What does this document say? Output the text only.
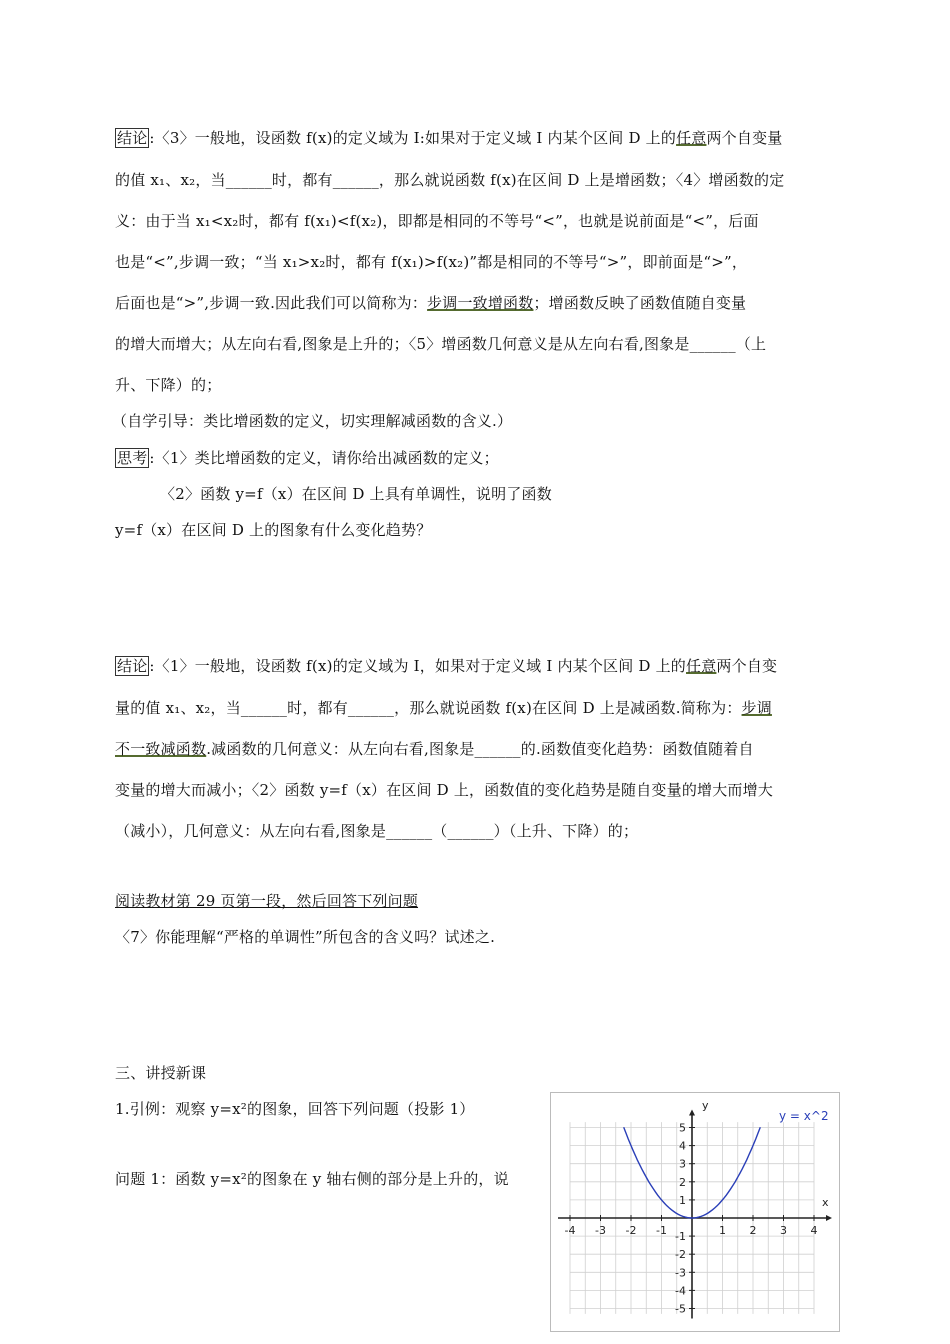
结论 :〈3〉一般地，设函数 f(x)的定义域为 I:如果对于定义域 I 内某个区间 D 上的任意两个自变量
的值 x₁、x₂，当______时，都有______，那么就说函数 f(x)在区间 D 上是增函数；〈4〉增函数的定
义：由于当 x₁<x₂时，都有 f(x₁)<f(x₂)，即都是相同的不等号“<”，也就是说前面是“<”，后面
也是“<”,步调一致；“当 x₁>x₂时，都有 f(x₁)>f(x₂)”都是相同的不等号“>”，即前面是“>”，
后面也是“>”,步调一致.因此我们可以简称为：步调一致增函数；增函数反映了函数值随自变量
的增大而增大；从左向右看,图象是上升的；〈5〉增函数几何意义是从左向右看,图象是______（上
升、下降）的；
（自学引导：类比增函数的定义，切实理解减函数的含义.）
思考 :〈1〉类比增函数的定义，请你给出减函数的定义；
〈2〉函数 y=f（x）在区间 D 上具有单调性，说明了函数
y=f（x）在区间 D 上的图象有什么变化趋势？
结论 :〈1〉一般地，设函数 f(x)的定义域为 I，如果对于定义域 I 内某个区间 D 上的任意两个自变
量的值 x₁、x₂，当______时，都有______，那么就说函数 f(x)在区间 D 上是减函数.简称为：步调
不一致减函数.减函数的几何意义：从左向右看,图象是______的.函数值变化趋势：函数值随着自
变量的增大而减小；〈2〉函数 y=f（x）在区间 D 上，函数值的变化趋势是随自变量的增大而增大
（减小），几何意义：从左向右看,图象是______（______）（上升、下降）的；
阅读教材第 29 页第一段，然后回答下列问题
〈7〉你能理解“严格的单调性”所包含的含义吗？试述之.
三、讲授新课
1.引例：观察 y=x²的图象，回答下列问题（投影 1）
问题 1：函数 y=x²的图象在 y 轴右侧的部分是上升的，说
-4 -3 -2 -1	1 2 3 4
5
4
3
2
1
-1
-2
-3
-4
-5
y = x^2
x
y
